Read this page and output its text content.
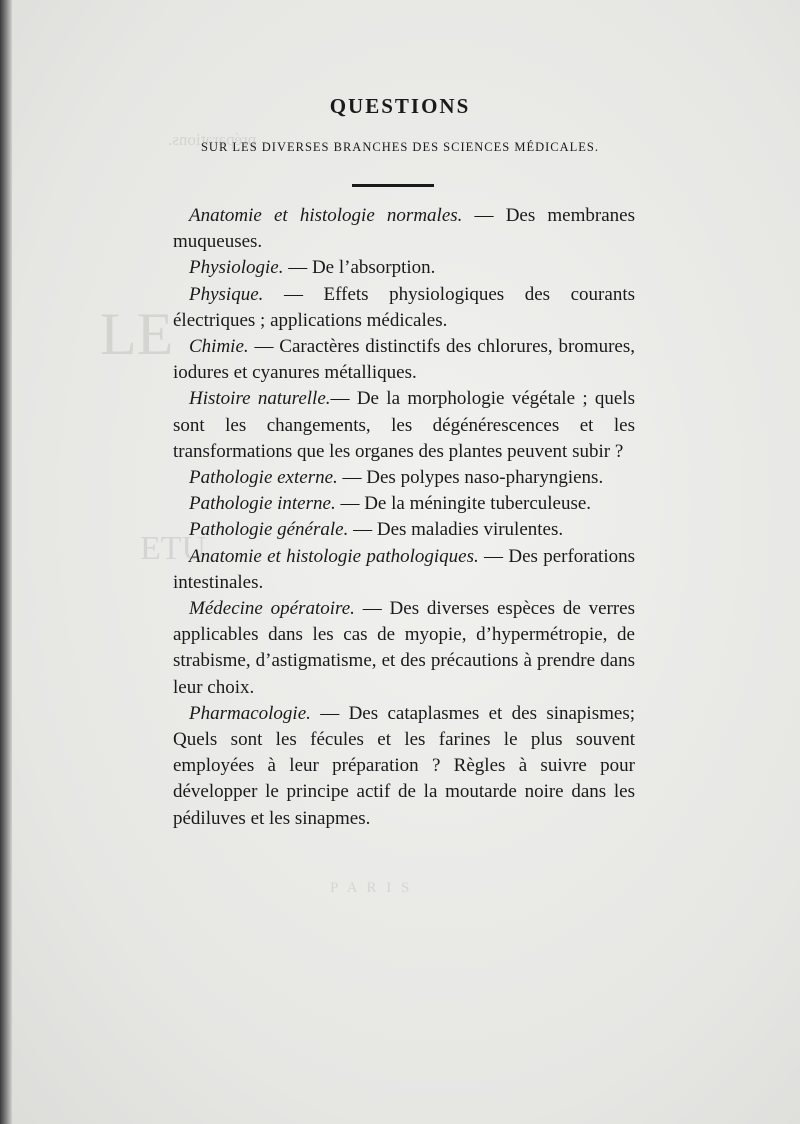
préparations.
LE
ETU
P A R I S
QUESTIONS
SUR LES DIVERSES BRANCHES DES SCIENCES MÉDICALES.

Anatomie et histologie normales. — Des membranes muqueuses.

Physiologie. — De l’absorption.

Physique. — Effets physiologiques des courants électriques ; applications médicales.

Chimie. — Caractères distinctifs des chlorures, bromures, iodures et cyanures métalliques.

Histoire naturelle.— De la morphologie végétale ; quels sont les changements, les dégénérescences et les transformations que les organes des plantes peuvent subir ?

Pathologie externe. — Des polypes naso-pharyngiens.

Pathologie interne. — De la méningite tuberculeuse.

Pathologie générale. — Des maladies virulentes.

Anatomie et histologie pathologiques. — Des perforations intestinales.

Médecine opératoire. — Des diverses espèces de verres applicables dans les cas de myopie, d’hypermétropie, de strabisme, d’astigmatisme, et des précautions à prendre dans leur choix.

Pharmacologie. — Des cataplasmes et des sinapismes; Quels sont les fécules et les farines le plus souvent employées à leur préparation ? Règles à suivre pour développer le principe actif de la moutarde noire dans les pédiluves et les sinapmes.
